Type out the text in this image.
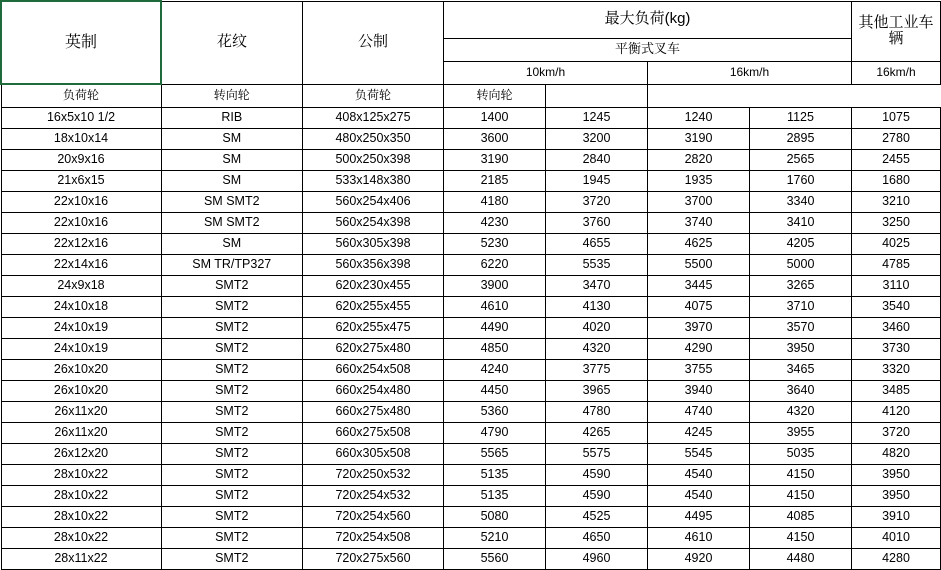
英制	花纹	公制	最大负荷(kg)				其他工业车辆
			平衡式叉车				
			10km/h		16km/h		16km/h
负荷轮	转向轮	负荷轮	转向轮				
16x5x10 1/2	RIB	408x125x275	1400	1245	1240	1125	1075
18x10x14	SM	480x250x350	3600	3200	3190	2895	2780
20x9x16	SM	500x250x398	3190	2840	2820	2565	2455
21x6x15	SM	533x148x380	2185	1945	1935	1760	1680
22x10x16	SM SMT2	560x254x406	4180	3720	3700	3340	3210
22x10x16	SM SMT2	560x254x398	4230	3760	3740	3410	3250
22x12x16	SM	560x305x398	5230	4655	4625	4205	4025
22x14x16	SM TR/TP327	560x356x398	6220	5535	5500	5000	4785
24x9x18	SMT2	620x230x455	3900	3470	3445	3265	3110
24x10x18	SMT2	620x255x455	4610	4130	4075	3710	3540
24x10x19	SMT2	620x255x475	4490	4020	3970	3570	3460
24x10x19	SMT2	620x275x480	4850	4320	4290	3950	3730
26x10x20	SMT2	660x254x508	4240	3775	3755	3465	3320
26x10x20	SMT2	660x254x480	4450	3965	3940	3640	3485
26x11x20	SMT2	660x275x480	5360	4780	4740	4320	4120
26x11x20	SMT2	660x275x508	4790	4265	4245	3955	3720
26x12x20	SMT2	660x305x508	5565	5575	5545	5035	4820
28x10x22	SMT2	720x250x532	5135	4590	4540	4150	3950
28x10x22	SMT2	720x254x532	5135	4590	4540	4150	3950
28x10x22	SMT2	720x254x560	5080	4525	4495	4085	3910
28x10x22	SMT2	720x254x508	5210	4650	4610	4150	4010
28x11x22	SMT2	720x275x560	5560	4960	4920	4480	4280
